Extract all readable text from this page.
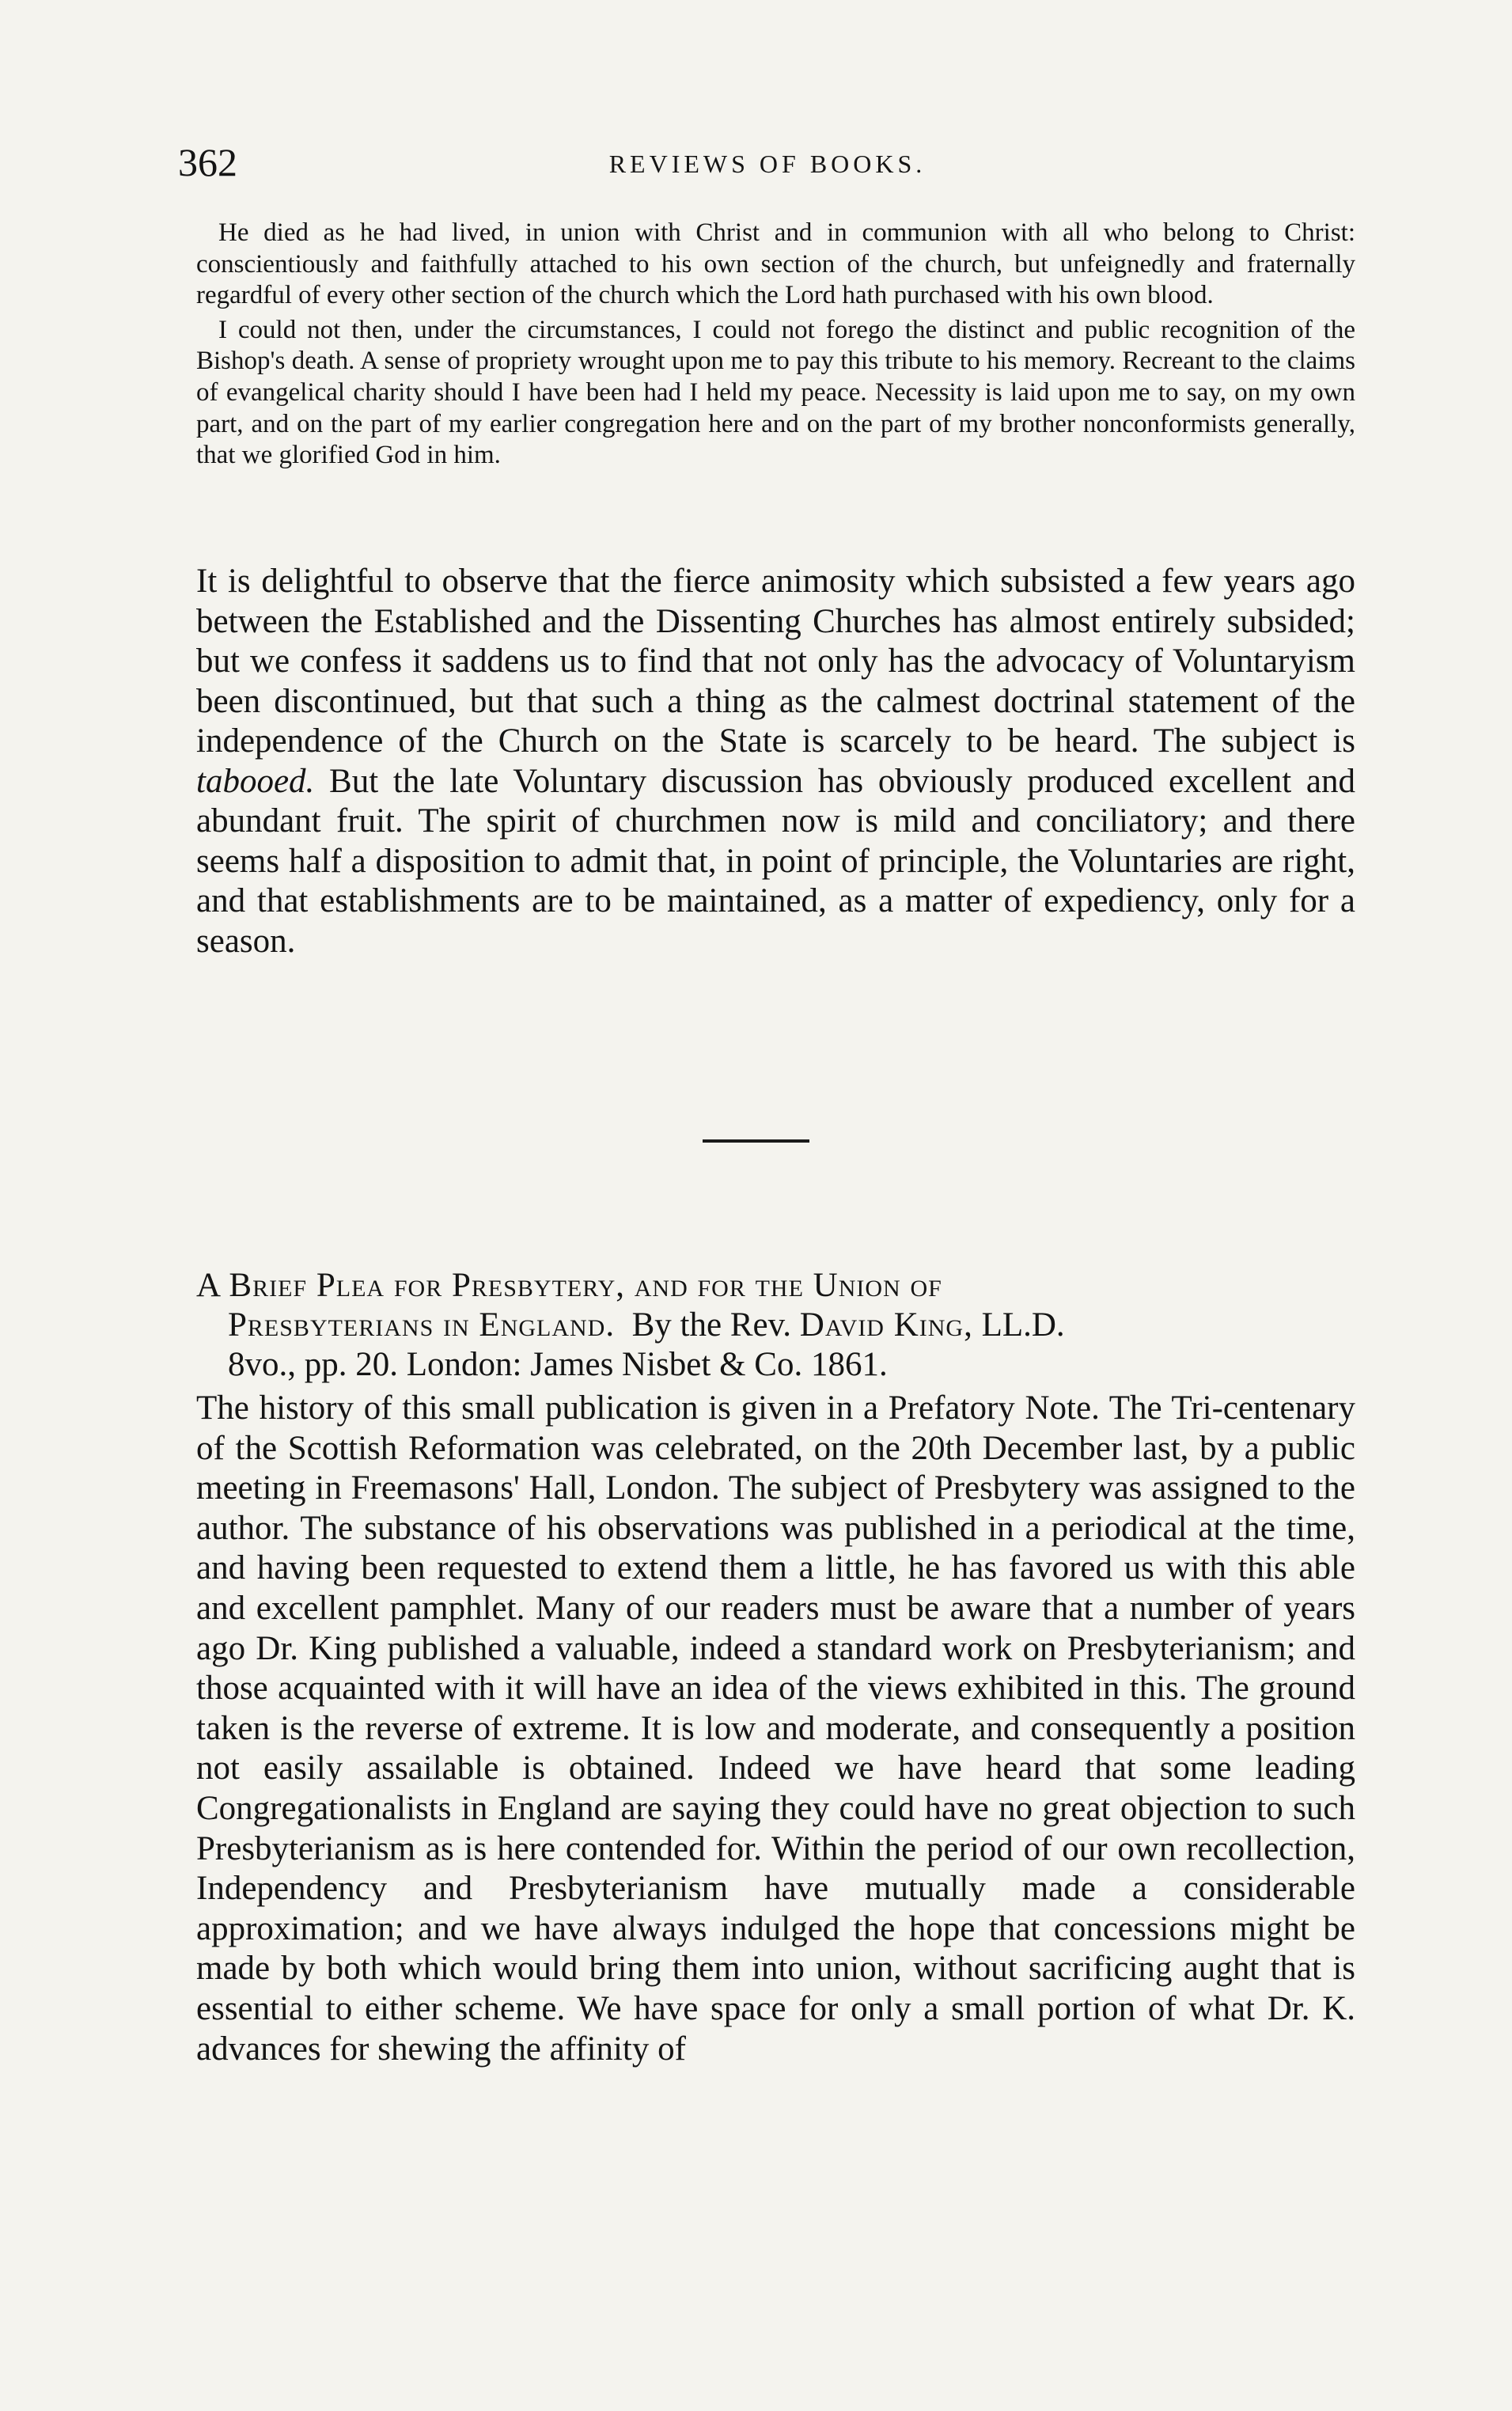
362	REVIEWS OF BOOKS.

He died as he had lived, in union with Christ and in communion with all who belong to Christ: conscientiously and faithfully attached to his own section of the church, but unfeignedly and fraternally regardful of every other section of the church which the Lord hath purchased with his own blood.

I could not then, under the circumstances, I could not forego the distinct and public recognition of the Bishop's death. A sense of propriety wrought upon me to pay this tribute to his memory. Recreant to the claims of evangelical charity should I have been had I held my peace. Necessity is laid upon me to say, on my own part, and on the part of my earlier congregation here and on the part of my brother nonconformists generally, that we glorified God in him.

It is delightful to observe that the fierce animosity which subsisted a few years ago between the Established and the Dissenting Churches has almost entirely subsided; but we confess it saddens us to find that not only has the advocacy of Voluntaryism been discontinued, but that such a thing as the calmest doctrinal statement of the independence of the Church on the State is scarcely to be heard. The subject is tabooed. But the late Voluntary discussion has obviously produced excellent and abundant fruit. The spirit of churchmen now is mild and conciliatory; and there seems half a disposition to admit that, in point of principle, the Voluntaries are right, and that establishments are to be maintained, as a matter of expediency, only for a season.

A Brief Plea for Presbytery, and for the Union of
Presbyterians in England. By the Rev. David King, LL.D.
8vo., pp. 20. London: James Nisbet & Co. 1861.

The history of this small publication is given in a Prefatory Note. The Tri-centenary of the Scottish Reformation was celebrated, on the 20th December last, by a public meeting in Freemasons' Hall, London. The subject of Presbytery was assigned to the author. The substance of his observations was published in a periodical at the time, and having been requested to extend them a little, he has favored us with this able and excellent pamphlet. Many of our readers must be aware that a number of years ago Dr. King published a valuable, indeed a standard work on Presbyterianism; and those acquainted with it will have an idea of the views exhibited in this. The ground taken is the reverse of extreme. It is low and moderate, and consequently a position not easily assailable is obtained. Indeed we have heard that some leading Congregationalists in England are saying they could have no great objection to such Presbyterianism as is here contended for. Within the period of our own recollection, Independency and Presbyterianism have mutually made a considerable approximation; and we have always indulged the hope that concessions might be made by both which would bring them into union, without sacrificing aught that is essential to either scheme. We have space for only a small portion of what Dr. K. advances for shewing the affinity of
